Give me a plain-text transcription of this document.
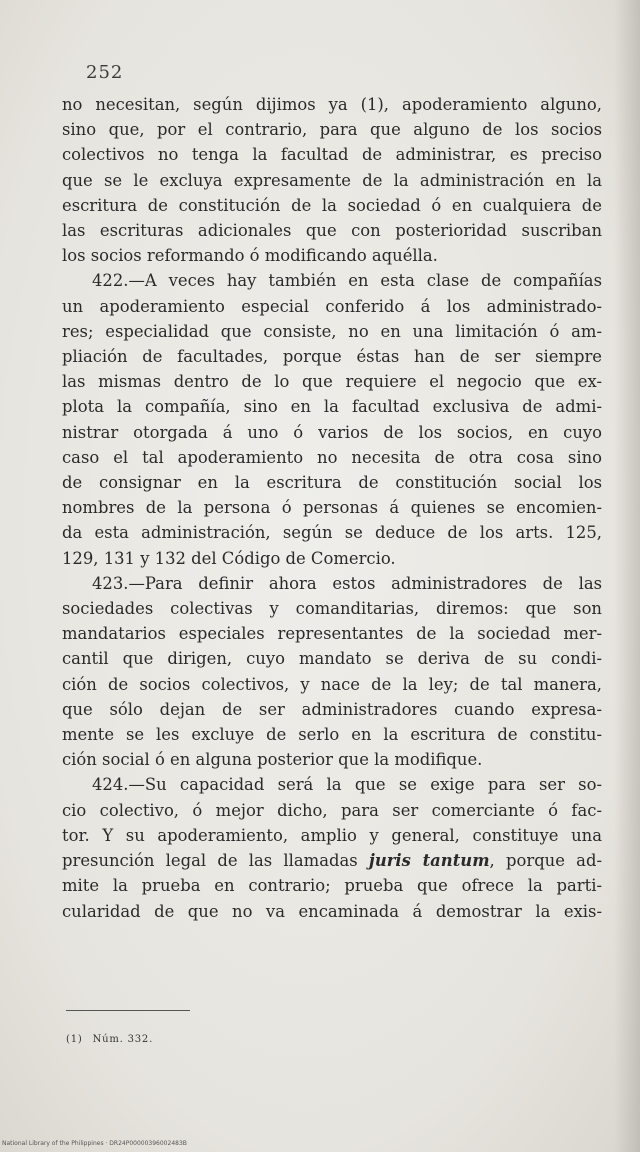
252
no necesitan, según dijimos ya (1), apoderamiento alguno,
sino que, por el contrario, para que alguno de los socios
colectivos no tenga la facultad de administrar, es preciso
que se le excluya expresamente de la administración en la
escritura de constitución de la sociedad ó en cualquiera de
las escrituras adicionales que con posterioridad suscriban
los socios reformando ó modificando aquélla.
422.—A veces hay también en esta clase de compañías
un apoderamiento especial conferido á los administrado-
res; especialidad que consiste, no en una limitación ó am-
pliación de facultades, porque éstas han de ser siempre
las mismas dentro de lo que requiere el negocio que ex-
plota la compañía, sino en la facultad exclusiva de admi-
nistrar otorgada á uno ó varios de los socios, en cuyo
caso el tal apoderamiento no necesita de otra cosa sino
de consignar en la escritura de constitución social los
nombres de la persona ó personas á quienes se encomien-
da esta administración, según se deduce de los arts. 125,
129, 131 y 132 del Código de Comercio.
423.—Para definir ahora estos administradores de las
sociedades colectivas y comanditarias, diremos: que son
mandatarios especiales representantes de la sociedad mer-
cantil que dirigen, cuyo mandato se deriva de su condi-
ción de socios colectivos, y nace de la ley; de tal manera,
que sólo dejan de ser administradores cuando expresa-
mente se les excluye de serlo en la escritura de constitu-
ción social ó en alguna posterior que la modifique.
424.—Su capacidad será la que se exige para ser so-
cio colectivo, ó mejor dicho, para ser comerciante ó fac-
tor. Y su apoderamiento, amplio y general, constituye una
presunción legal de las llamadas juris tantum, porque ad-
mite la prueba en contrario; prueba que ofrece la parti-
cularidad de que no va encaminada á demostrar la exis-
(1) Núm. 332.
National Library of the Philippines · DR24P00000396002483B
